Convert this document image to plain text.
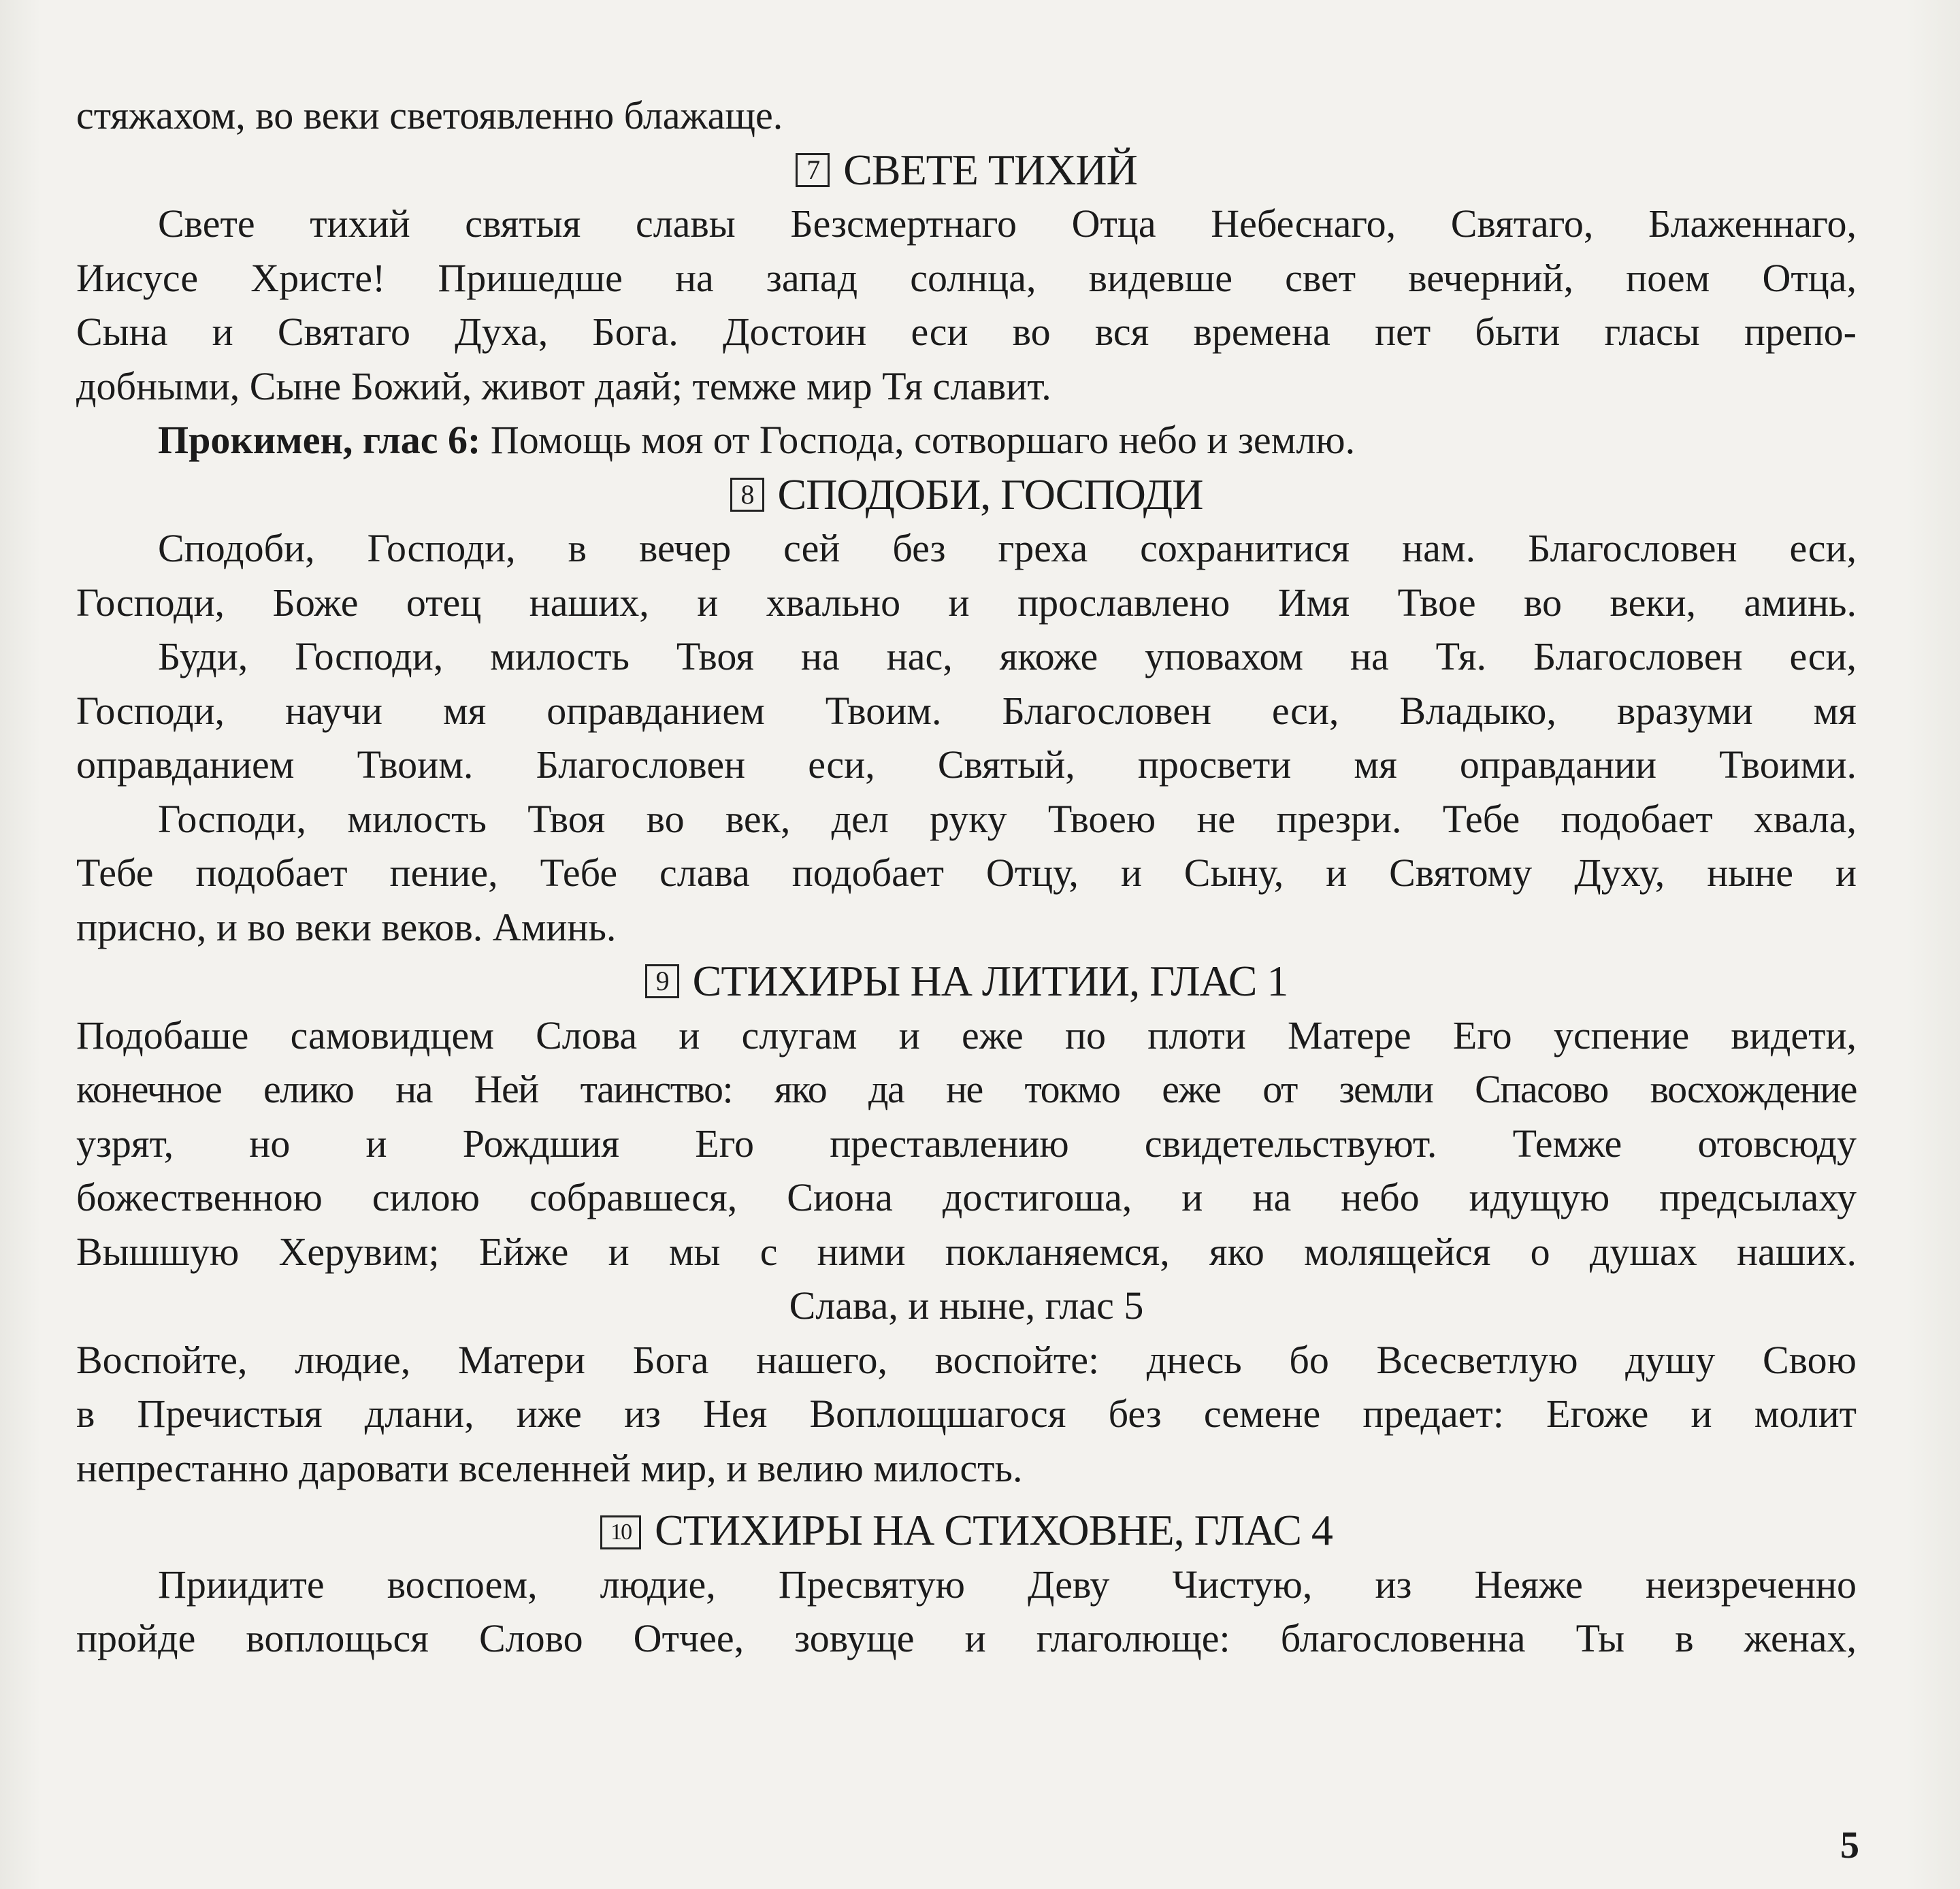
стяжахом, во веки светоявленно блажаще.
7 СВЕТЕ ТИХИЙ
Свете тихий святыя славы Безсмертнаго Отца Небеснаго, Святаго, Блаженнаго,
Иисусе Христе! Пришедше на запад солнца, видевше свет вечерний, поем Отца,
Сына и Святаго Духа, Бога. Достоин еси во вся времена пет быти гласы препо-
добными, Сыне Божий, живот даяй; темже мир Тя славит.
Прокимен, глас 6: Помощь моя от Господа, сотворшаго небо и землю.
8 СПОДОБИ, ГОСПОДИ
Сподоби, Господи, в вечер сей без греха сохранитися нам. Благословен еси,
Господи, Боже отец наших, и хвально и прославлено Имя Твое во веки, аминь.
Буди, Господи, милость Твоя на нас, якоже уповахом на Тя. Благословен еси,
Господи, научи мя оправданием Твоим. Благословен еси, Владыко, вразуми мя
оправданием Твоим. Благословен еси, Святый, просвети мя оправдании Твоими.
Господи, милость Твоя во век, дел руку Твоею не презри. Тебе подобает хвала,
Тебе подобает пение, Тебе слава подобает Отцу, и Сыну, и Святому Духу, ныне и
присно, и во веки веков. Аминь.
9 СТИХИРЫ НА ЛИТИИ, ГЛАС 1
Подобаше самовидцем Слова и слугам и еже по плоти Матере Его успение видети,
конечное елико на Ней таинство: яко да не токмо еже от земли Спасово восхождение
узрят, но и Рождшия Его преставлению свидетельствуют. Темже отовсюду
божественною силою собравшеся, Сиона достигоша, и на небо идущую предсылаху
Вышшую Херувим; Ейже и мы с ними покланяемся, яко молящейся о душах наших.
Слава, и ныне, глас 5
Воспойте, людие, Матери Бога нашего, воспойте: днесь бо Всесветлую душу Свою
в Пречистыя длани, иже из Нея Воплощшагося без семене предает: Егоже и молит
непрестанно даровати вселенней мир, и велию милость.
10 СТИХИРЫ НА СТИХОВНЕ, ГЛАС 4
Приидите воспоем, людие, Пресвятую Деву Чистую, из Неяже неизреченно
пройде воплощься Слово Отчее, зовуще и глаголюще: благословенна Ты в женах,
5
